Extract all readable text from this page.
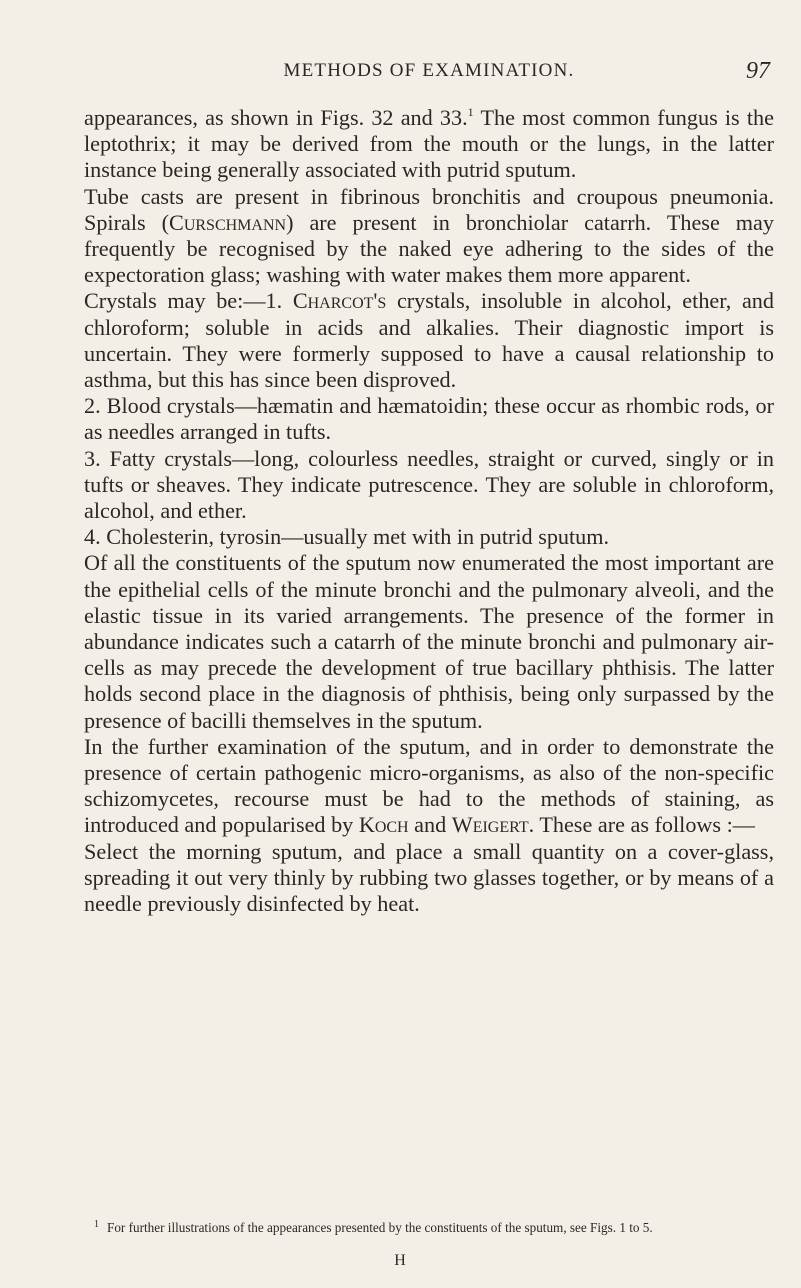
METHODS OF EXAMINATION.	97

appearances, as shown in Figs. 32 and 33.$^1$ The most common fungus is the leptothrix; it may be derived from the mouth or the lungs, in the latter instance being generally associated with putrid sputum.

Tube casts are present in fibrinous bronchitis and croupous pneumonia. Spirals (Curschmann) are present in bronchiolar catarrh. These may frequently be recognised by the naked eye adhering to the sides of the expectoration glass; washing with water makes them more apparent.

Crystals may be:—1. Charcot's crystals, insoluble in alcohol, ether, and chloroform; soluble in acids and alkalies. Their diagnostic import is uncertain. They were formerly supposed to have a causal relationship to asthma, but this has since been disproved.

2. Blood crystals—hæmatin and hæmatoidin; these occur as rhombic rods, or as needles arranged in tufts.

3. Fatty crystals—long, colourless needles, straight or curved, singly or in tufts or sheaves. They indicate putrescence. They are soluble in chloroform, alcohol, and ether.

4. Cholesterin, tyrosin—usually met with in putrid sputum.

Of all the constituents of the sputum now enumerated the most important are the epithelial cells of the minute bronchi and the pulmonary alveoli, and the elastic tissue in its varied arrangements. The presence of the former in abundance indicates such a catarrh of the minute bronchi and pulmonary air-cells as may precede the development of true bacillary phthisis. The latter holds second place in the diagnosis of phthisis, being only surpassed by the presence of bacilli themselves in the sputum.

In the further examination of the sputum, and in order to demonstrate the presence of certain pathogenic micro-organisms, as also of the non-specific schizomycetes, recourse must be had to the methods of staining, as introduced and popularised by Koch and Weigert. These are as follows :—

Select the morning sputum, and place a small quantity on a cover-glass, spreading it out very thinly by rubbing two glasses together, or by means of a needle previously disinfected by heat.

$^1$ For further illustrations of the appearances presented by the constituents of the sputum, see Figs. 1 to 5.
H
